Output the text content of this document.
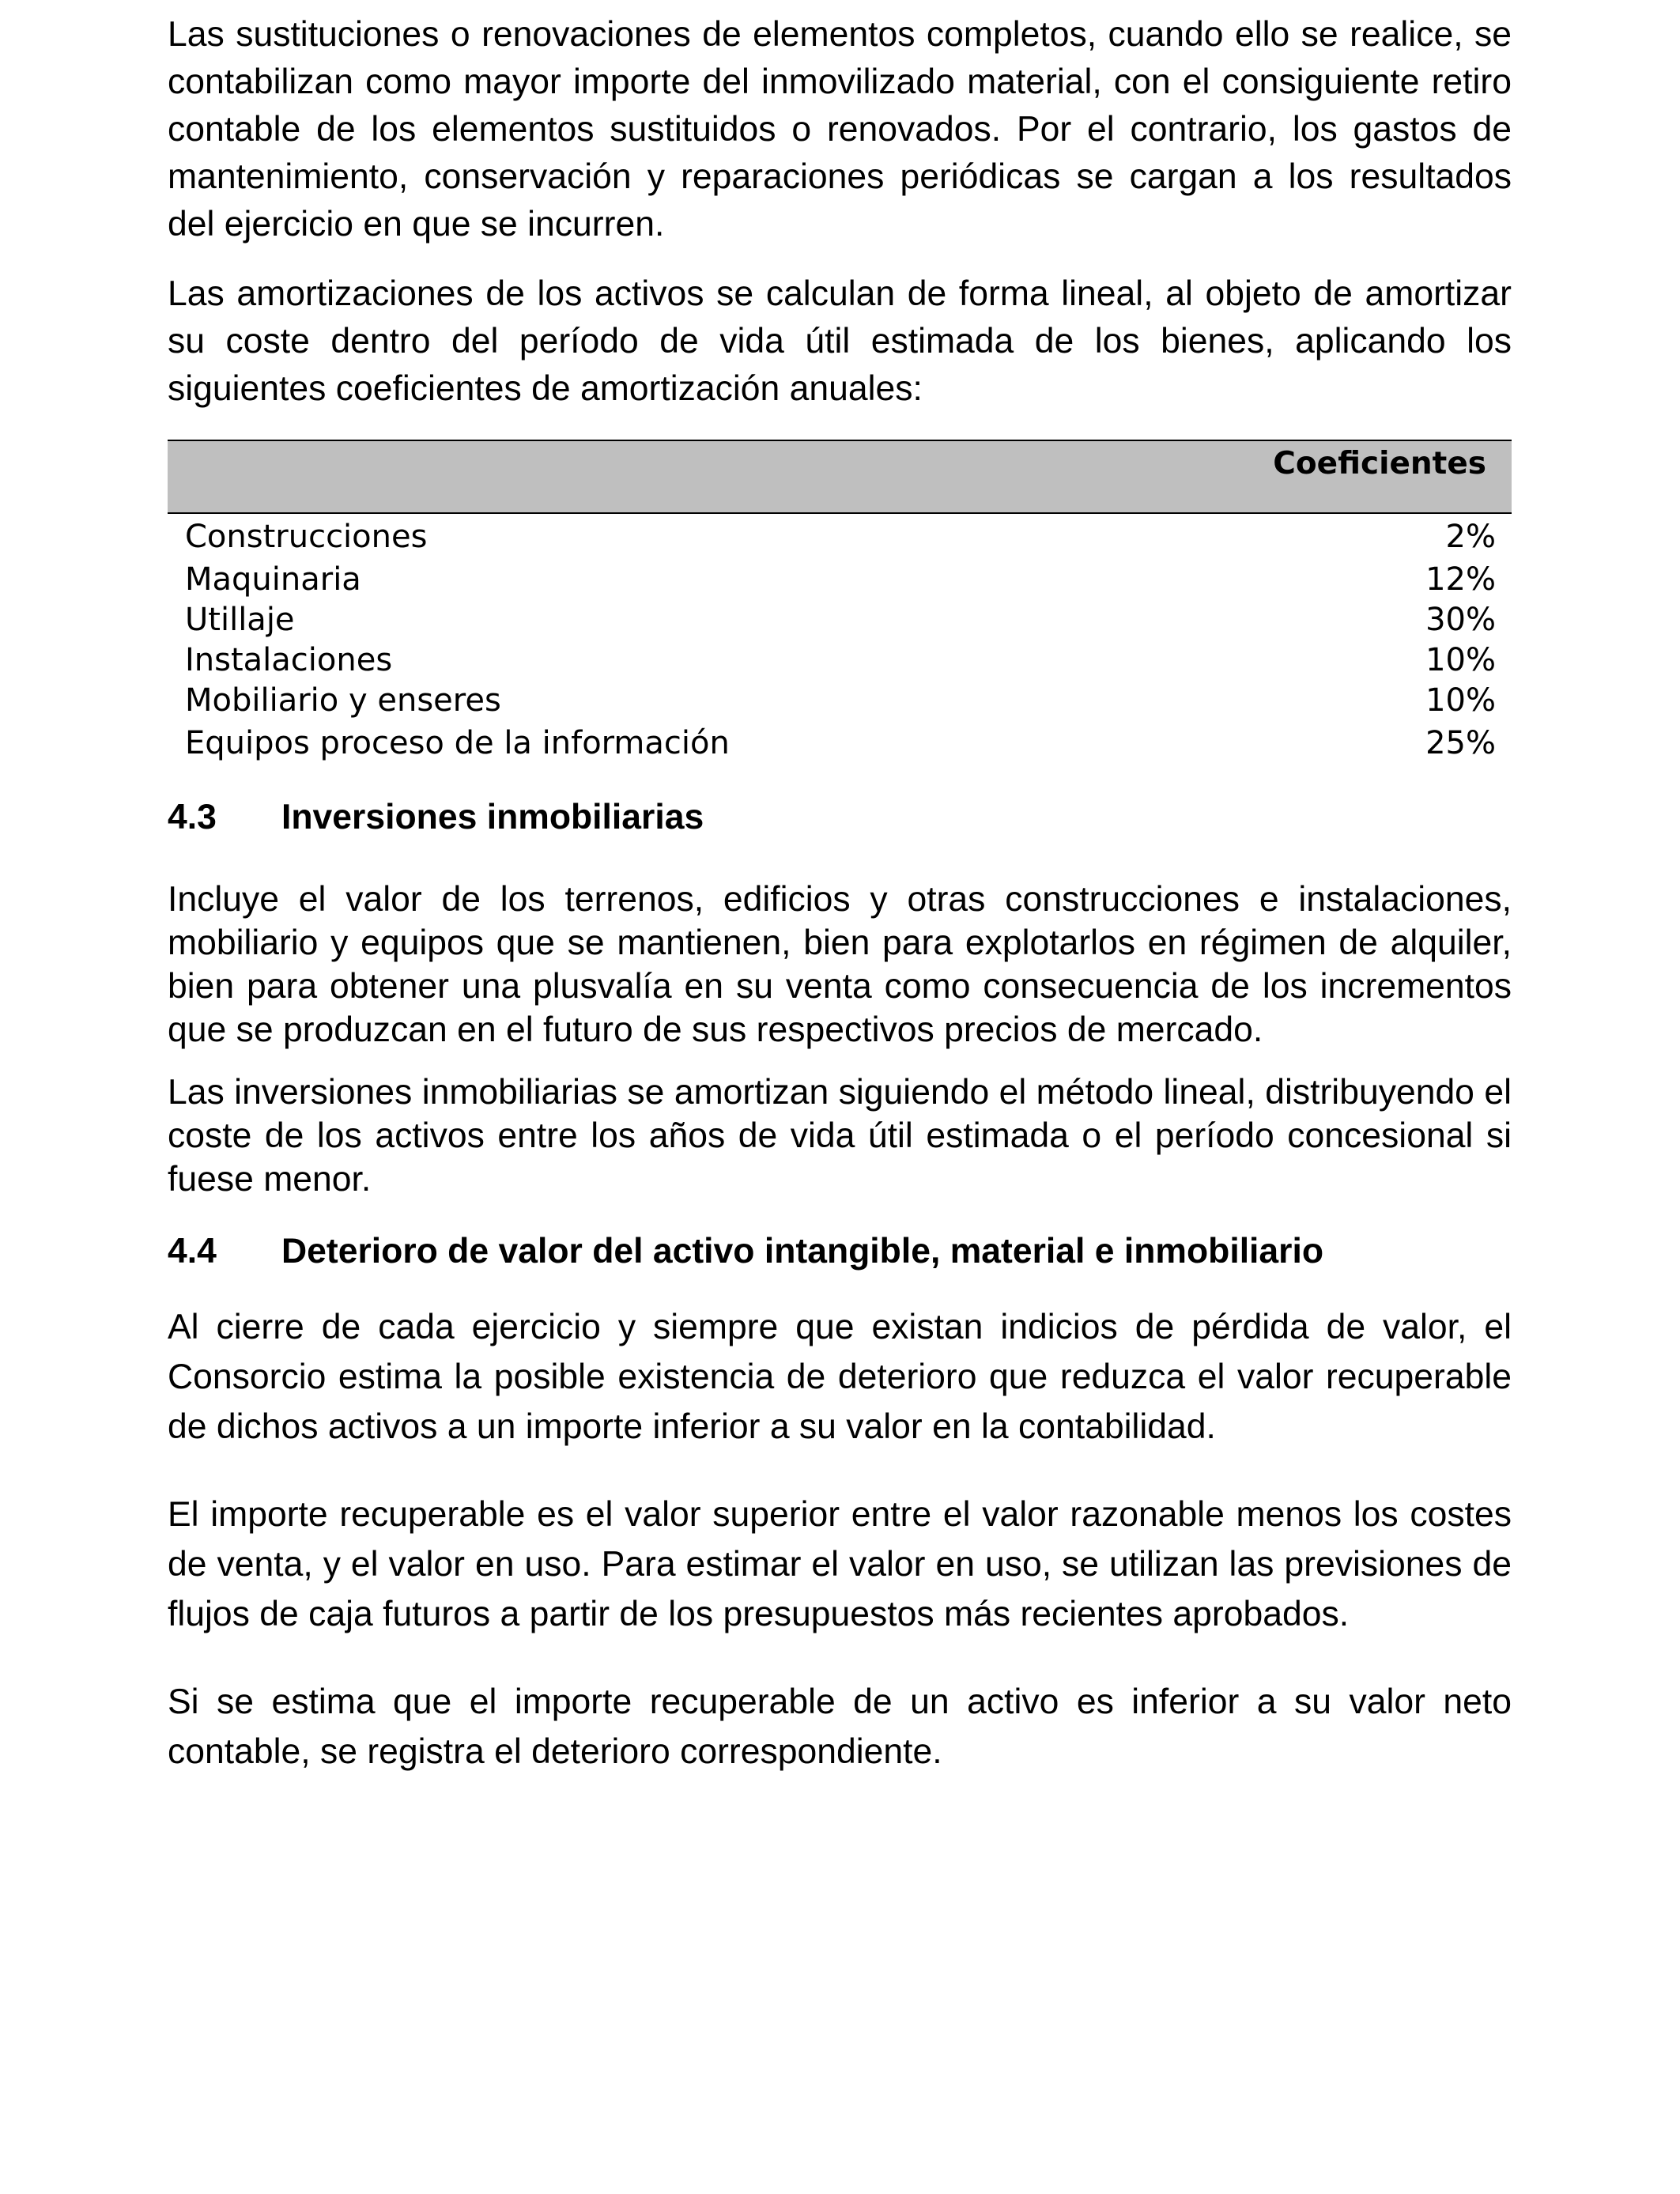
Las sustituciones o renovaciones de elementos completos, cuando ello se realice, se contabilizan como mayor importe del inmovilizado material, con el consiguiente retiro contable de los elementos sustituidos o renovados. Por el contrario, los gastos de mantenimiento, conservación y reparaciones periódicas se cargan a los resultados del ejercicio en que se incurren.

Las amortizaciones de los activos se calculan de forma lineal, al objeto de amortizar su coste dentro del período de vida útil estimada de los bienes, aplicando los siguientes coeficientes de amortización anuales:

	Coeficientes
Construcciones	2%
Maquinaria	12%
Utillaje	30%
Instalaciones	10%
Mobiliario y enseres	10%
Equipos proceso de la información	25%
4.3	Inversiones inmobiliarias

Incluye el valor de los terrenos, edificios y otras construcciones e instalaciones, mobiliario y equipos que se mantienen, bien para explotarlos en régimen de alquiler, bien para obtener una plusvalía en su venta como consecuencia de los incrementos que se produzcan en el futuro de sus respectivos precios de mercado.

Las inversiones inmobiliarias se amortizan siguiendo el método lineal, distribuyendo el coste de los activos entre los años de vida útil estimada o el período concesional si fuese menor.

4.4	Deterioro de valor del activo intangible, material e inmobiliario

Al cierre de cada ejercicio y siempre que existan indicios de pérdida de valor, el Consorcio estima la posible existencia de deterioro que reduzca el valor recuperable de dichos activos a un importe inferior a su valor en la contabilidad.

El importe recuperable es el valor superior entre el valor razonable menos los costes de venta, y el valor en uso. Para estimar el valor en uso, se utilizan las previsiones de flujos de caja futuros a partir de los presupuestos más recientes aprobados.

Si se estima que el importe recuperable de un activo es inferior a su valor neto contable, se registra el deterioro correspondiente.
